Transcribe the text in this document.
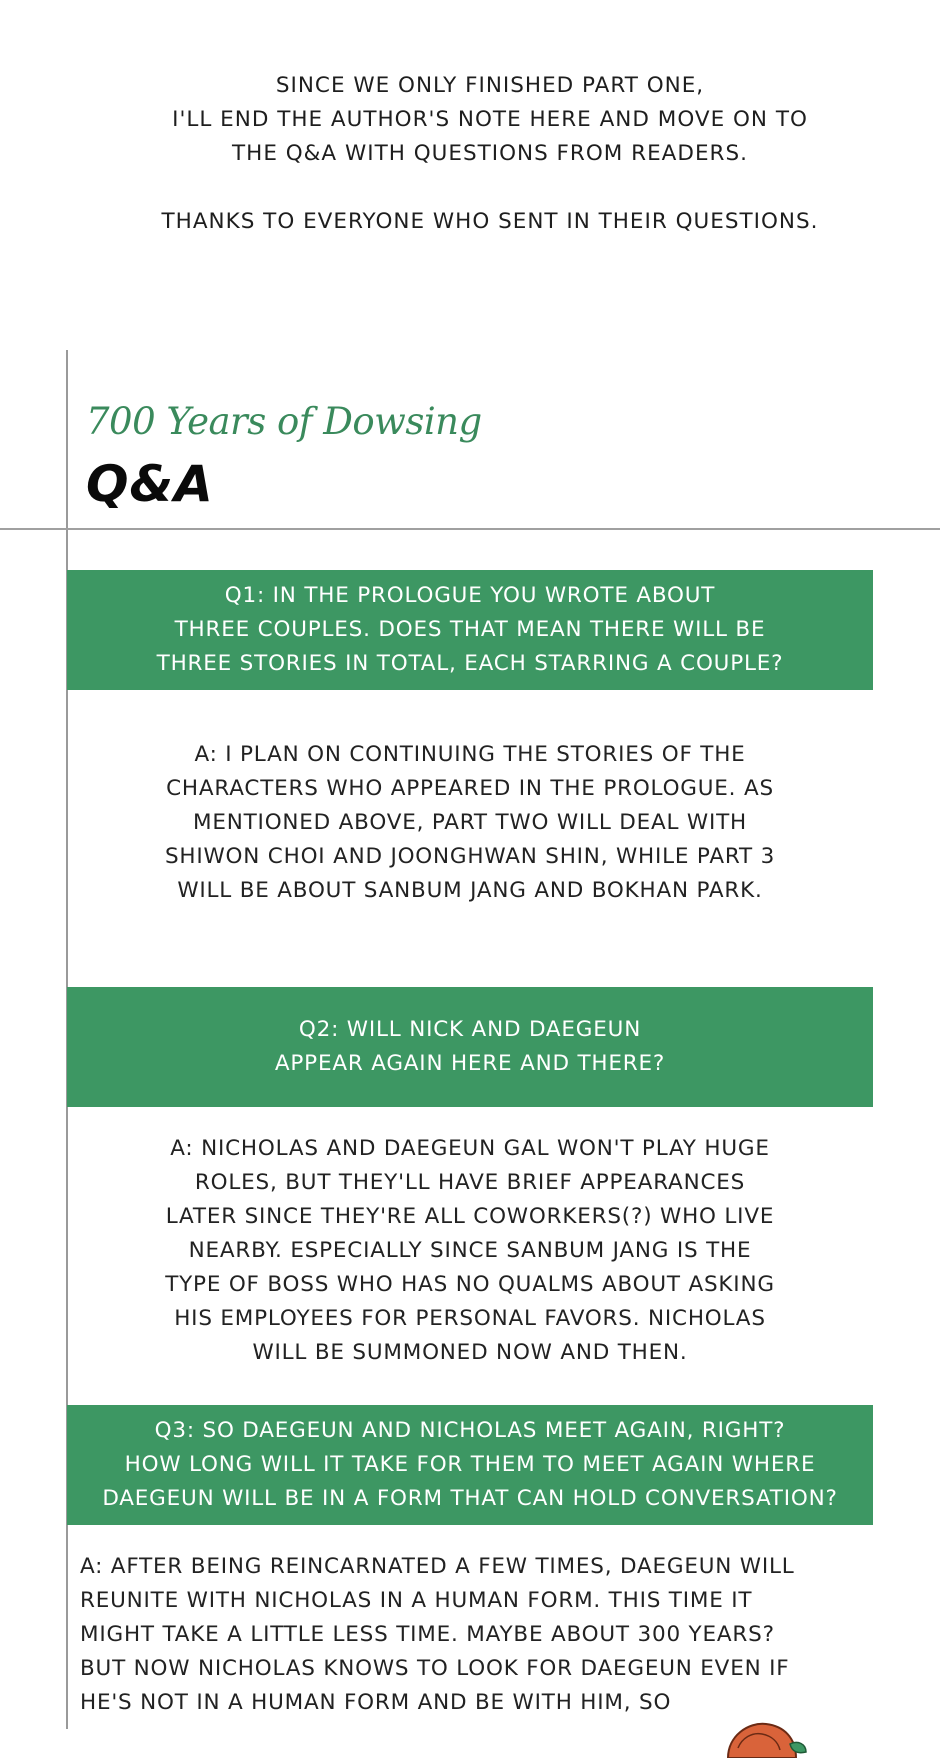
SINCE WE ONLY FINISHED PART ONE,

I'LL END THE AUTHOR'S NOTE HERE AND MOVE ON TO

THE Q&A WITH QUESTIONS FROM READERS.

THANKS TO EVERYONE WHO SENT IN THEIR QUESTIONS.

700 Years of Dowsing
Q&A

Q1: IN THE PROLOGUE YOU WROTE ABOUT

THREE COUPLES. DOES THAT MEAN THERE WILL BE

THREE STORIES IN TOTAL, EACH STARRING A COUPLE?

A: I PLAN ON CONTINUING THE STORIES OF THE

CHARACTERS WHO APPEARED IN THE PROLOGUE. AS

MENTIONED ABOVE, PART TWO WILL DEAL WITH

SHIWON CHOI AND JOONGHWAN SHIN, WHILE PART 3

WILL BE ABOUT SANBUM JANG AND BOKHAN PARK.

Q2: WILL NICK AND DAEGEUN

APPEAR AGAIN HERE AND THERE?

A: NICHOLAS AND DAEGEUN GAL WON'T PLAY HUGE

ROLES, BUT THEY'LL HAVE BRIEF APPEARANCES

LATER SINCE THEY'RE ALL COWORKERS(?) WHO LIVE

NEARBY. ESPECIALLY SINCE SANBUM JANG IS THE

TYPE OF BOSS WHO HAS NO QUALMS ABOUT ASKING

HIS EMPLOYEES FOR PERSONAL FAVORS. NICHOLAS

WILL BE SUMMONED NOW AND THEN.

Q3: SO DAEGEUN AND NICHOLAS MEET AGAIN, RIGHT?

HOW LONG WILL IT TAKE FOR THEM TO MEET AGAIN WHERE

DAEGEUN WILL BE IN A FORM THAT CAN HOLD CONVERSATION?

A: AFTER BEING REINCARNATED A FEW TIMES, DAEGEUN WILL

REUNITE WITH NICHOLAS IN A HUMAN FORM. THIS TIME IT

MIGHT TAKE A LITTLE LESS TIME. MAYBE ABOUT 300 YEARS?

BUT NOW NICHOLAS KNOWS TO LOOK FOR DAEGEUN EVEN IF

HE'S NOT IN A HUMAN FORM AND BE WITH HIM, SO
